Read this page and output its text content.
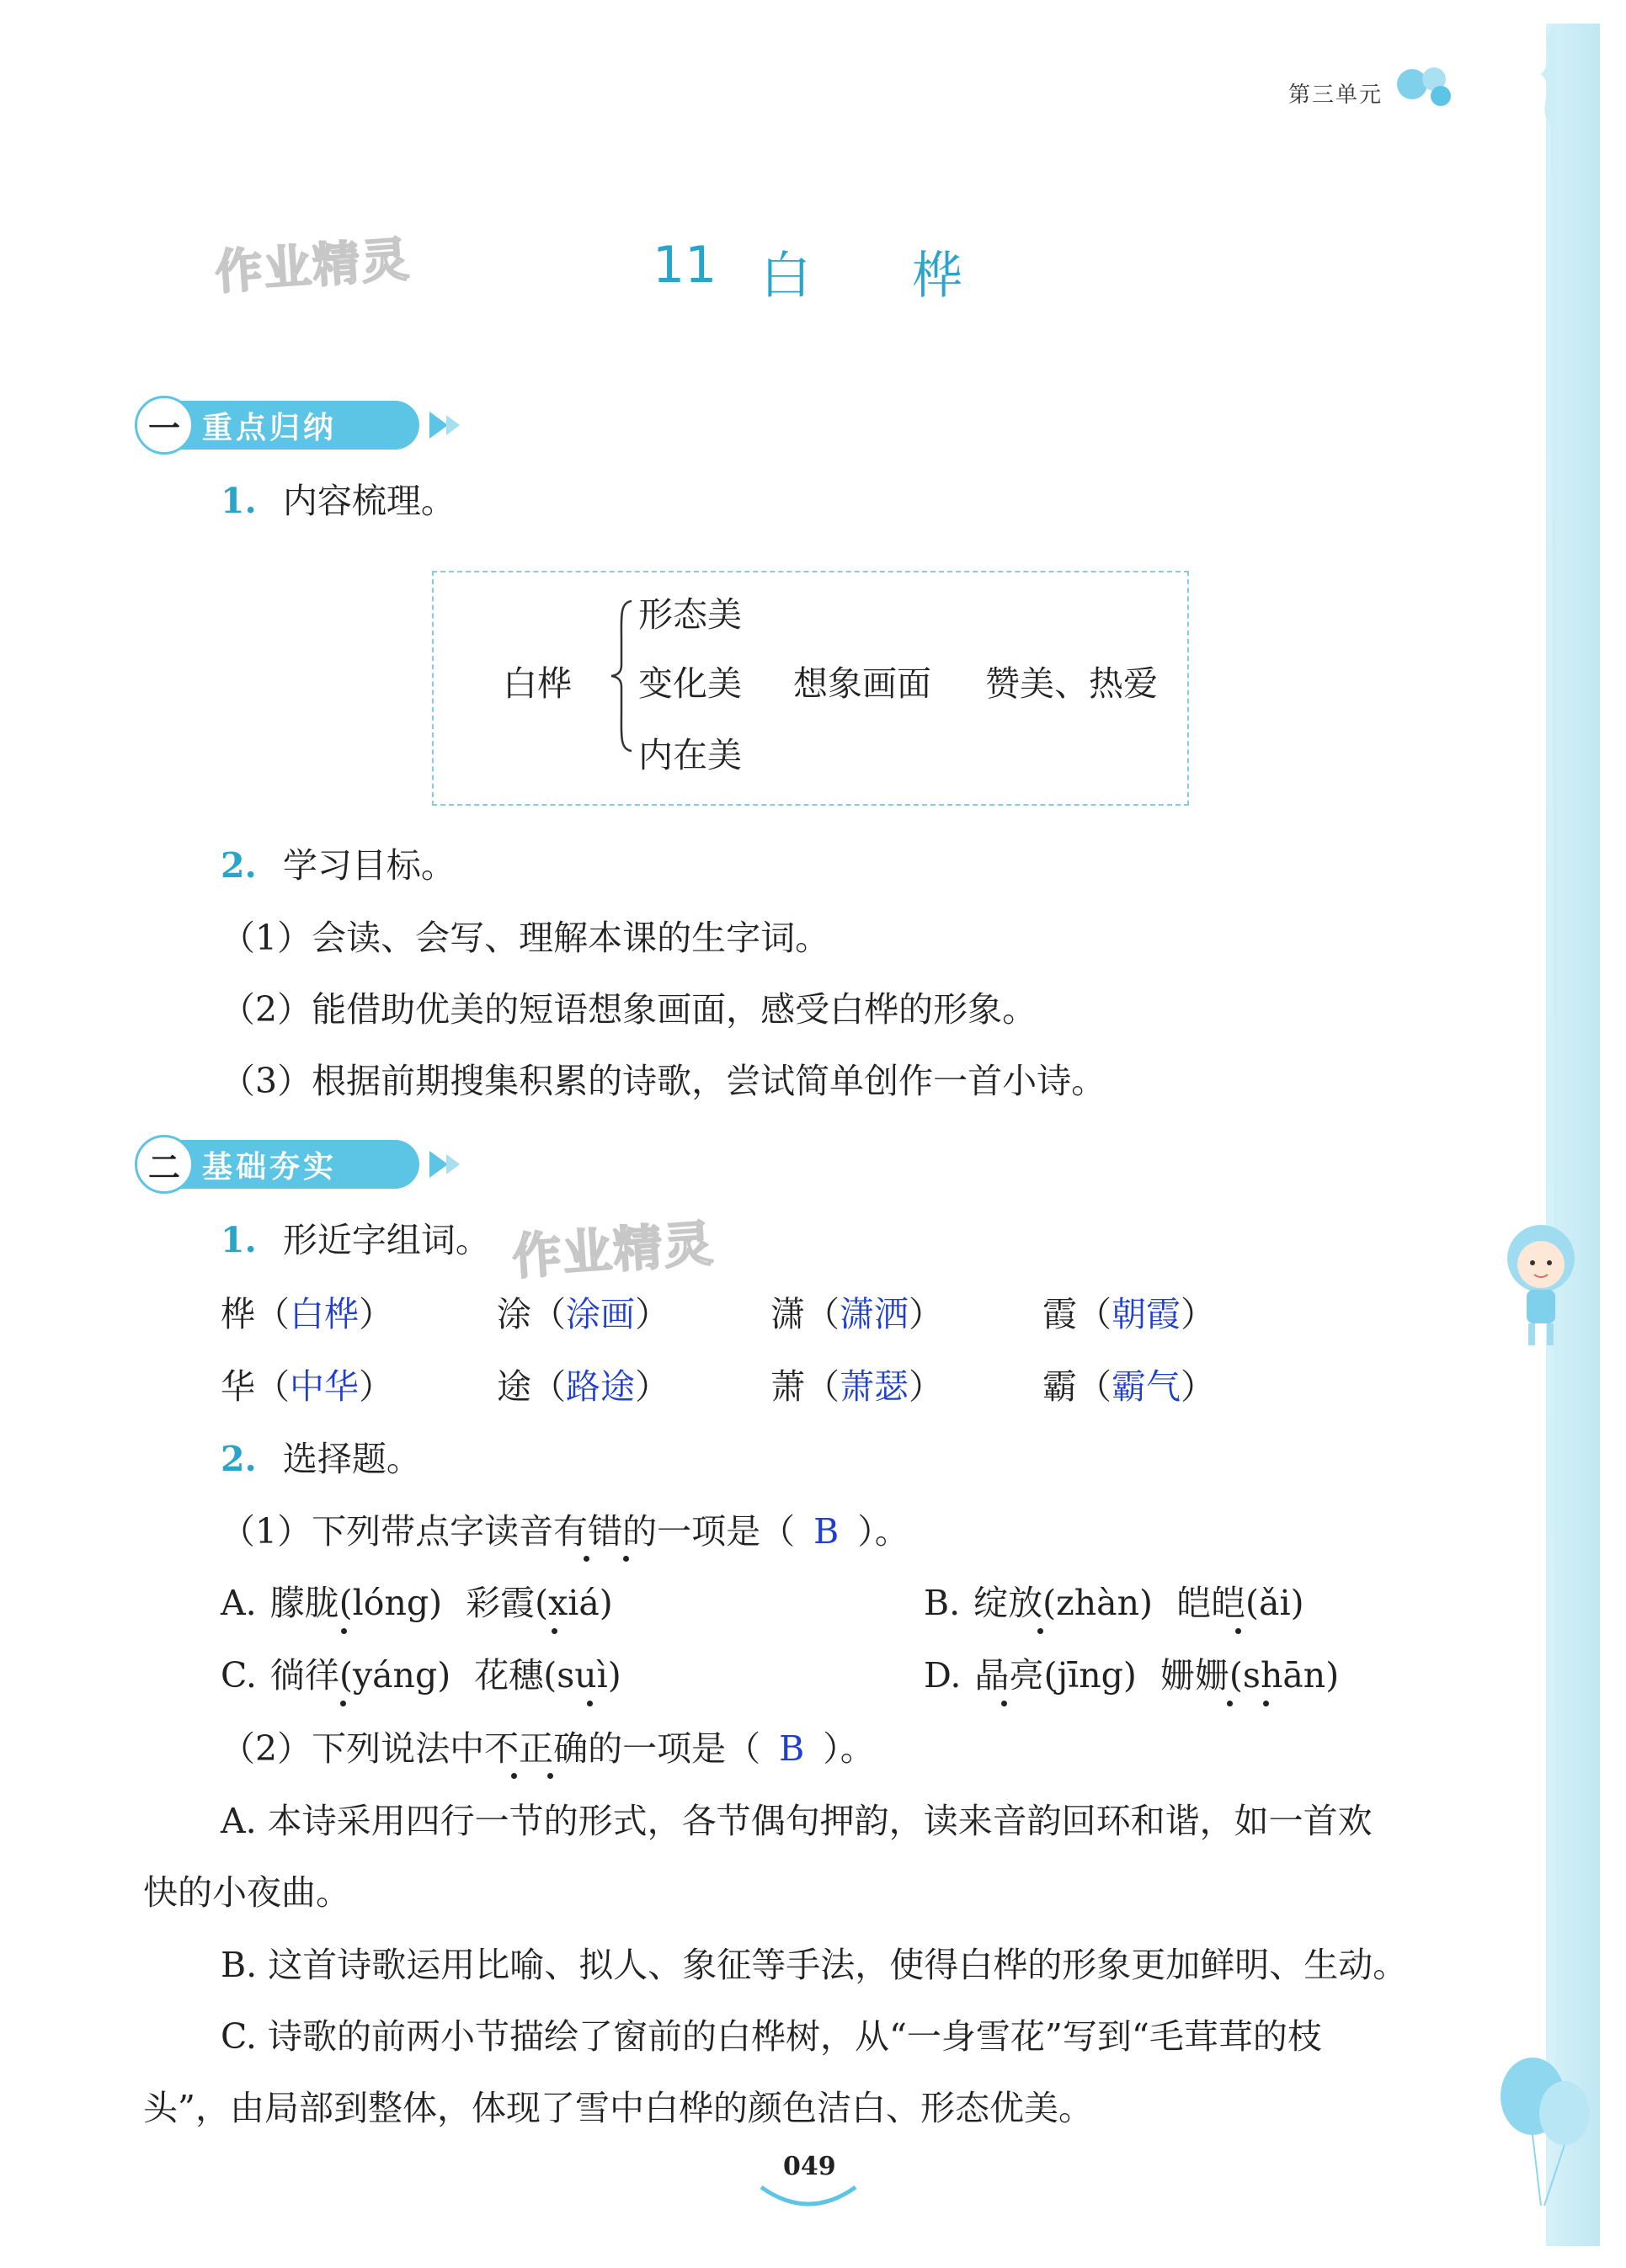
第三单元
作业精灵
作业精灵
11 白 桦
一 重点归纳
1. 内容梳理。
白桦
形态美
变化美
内在美
想象画面 赞美、热爱
2. 学习目标。
（1）会读、会写、理解本课的生字词。
（2）能借助优美的短语想象画面，感受白桦的形象。
（3）根据前期搜集积累的诗歌，尝试简单创作一首小诗。
二 基础夯实
1. 形近字组词。
桦（白桦）	涂（涂画）	潇（潇洒）	霞（朝霞）
华（中华）	途（路途）	萧（萧瑟）	霸（霸气）
2. 选择题。
（1）下列带点字读音有错的一项是（ B ）。
A. 朦胧(lóng) 彩霞(xiá)	B. 绽放(zhàn) 皑皑(ǎi)
C. 徜徉(yáng) 花穗(suì)	D. 晶亮(jīng) 姗姗(shān)
（2）下列说法中不正确的一项是（ B ）。
A. 本诗采用四行一节的形式，各节偶句押韵，读来音韵回环和谐，如一首欢
快的小夜曲。
B. 这首诗歌运用比喻、拟人、象征等手法，使得白桦的形象更加鲜明、生动。
C. 诗歌的前两小节描绘了窗前的白桦树，从“一身雪花”写到“毛茸茸的枝
头”，由局部到整体，体现了雪中白桦的颜色洁白、形态优美。
049
